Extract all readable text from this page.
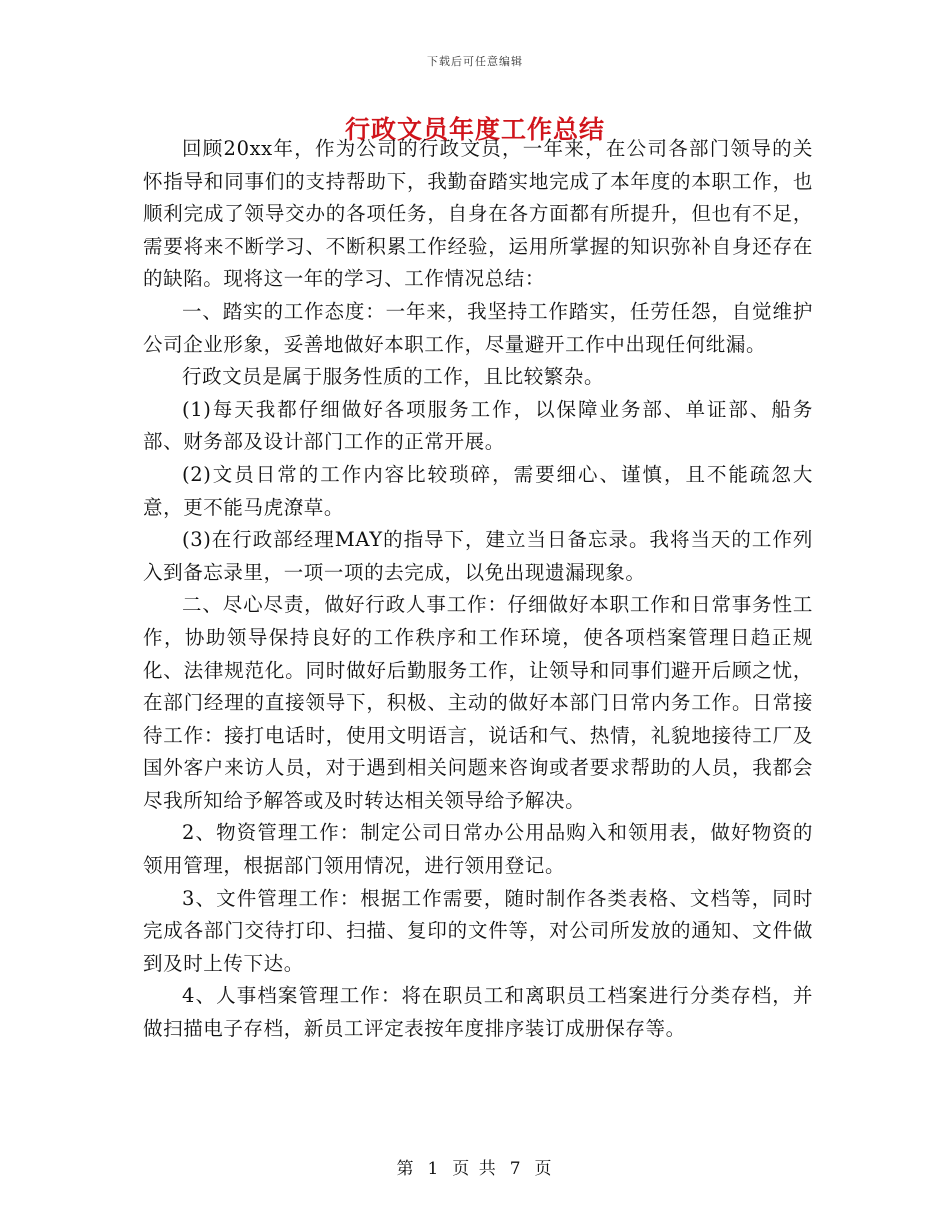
下载后可任意编辑
行政文员年度工作总结

回顾20xx年，作为公司的行政文员，一年来，在公司各部门领导的关怀指导和同事们的支持帮助下，我勤奋踏实地完成了本年度的本职工作，也顺利完成了领导交办的各项任务，自身在各方面都有所提升，但也有不足，需要将来不断学习、不断积累工作经验，运用所掌握的知识弥补自身还存在的缺陷。现将这一年的学习、工作情况总结：

一、踏实的工作态度：一年来，我坚持工作踏实，任劳任怨，自觉维护公司企业形象，妥善地做好本职工作，尽量避开工作中出现任何纰漏。

行政文员是属于服务性质的工作，且比较繁杂。

(1)每天我都仔细做好各项服务工作，以保障业务部、单证部、船务部、财务部及设计部门工作的正常开展。

(2)文员日常的工作内容比较琐碎，需要细心、谨慎，且不能疏忽大意，更不能马虎潦草。

(3)在行政部经理MAY的指导下，建立当日备忘录。我将当天的工作列入到备忘录里，一项一项的去完成，以免出现遗漏现象。

二、尽心尽责，做好行政人事工作：仔细做好本职工作和日常事务性工作，协助领导保持良好的工作秩序和工作环境，使各项档案管理日趋正规化、法律规范化。同时做好后勤服务工作，让领导和同事们避开后顾之忧，在部门经理的直接领导下，积极、主动的做好本部门日常内务工作。日常接待工作：接打电话时，使用文明语言，说话和气、热情，礼貌地接待工厂及国外客户来访人员，对于遇到相关问题来咨询或者要求帮助的人员，我都会尽我所知给予解答或及时转达相关领导给予解决。

2、物资管理工作：制定公司日常办公用品购入和领用表，做好物资的领用管理，根据部门领用情况，进行领用登记。

3、文件管理工作：根据工作需要，随时制作各类表格、文档等，同时完成各部门交待打印、扫描、复印的文件等，对公司所发放的通知、文件做到及时上传下达。

4、人事档案管理工作：将在职员工和离职员工档案进行分类存档，并做扫描电子存档，新员工评定表按年度排序装订成册保存等。

第 1 页 共 7 页
